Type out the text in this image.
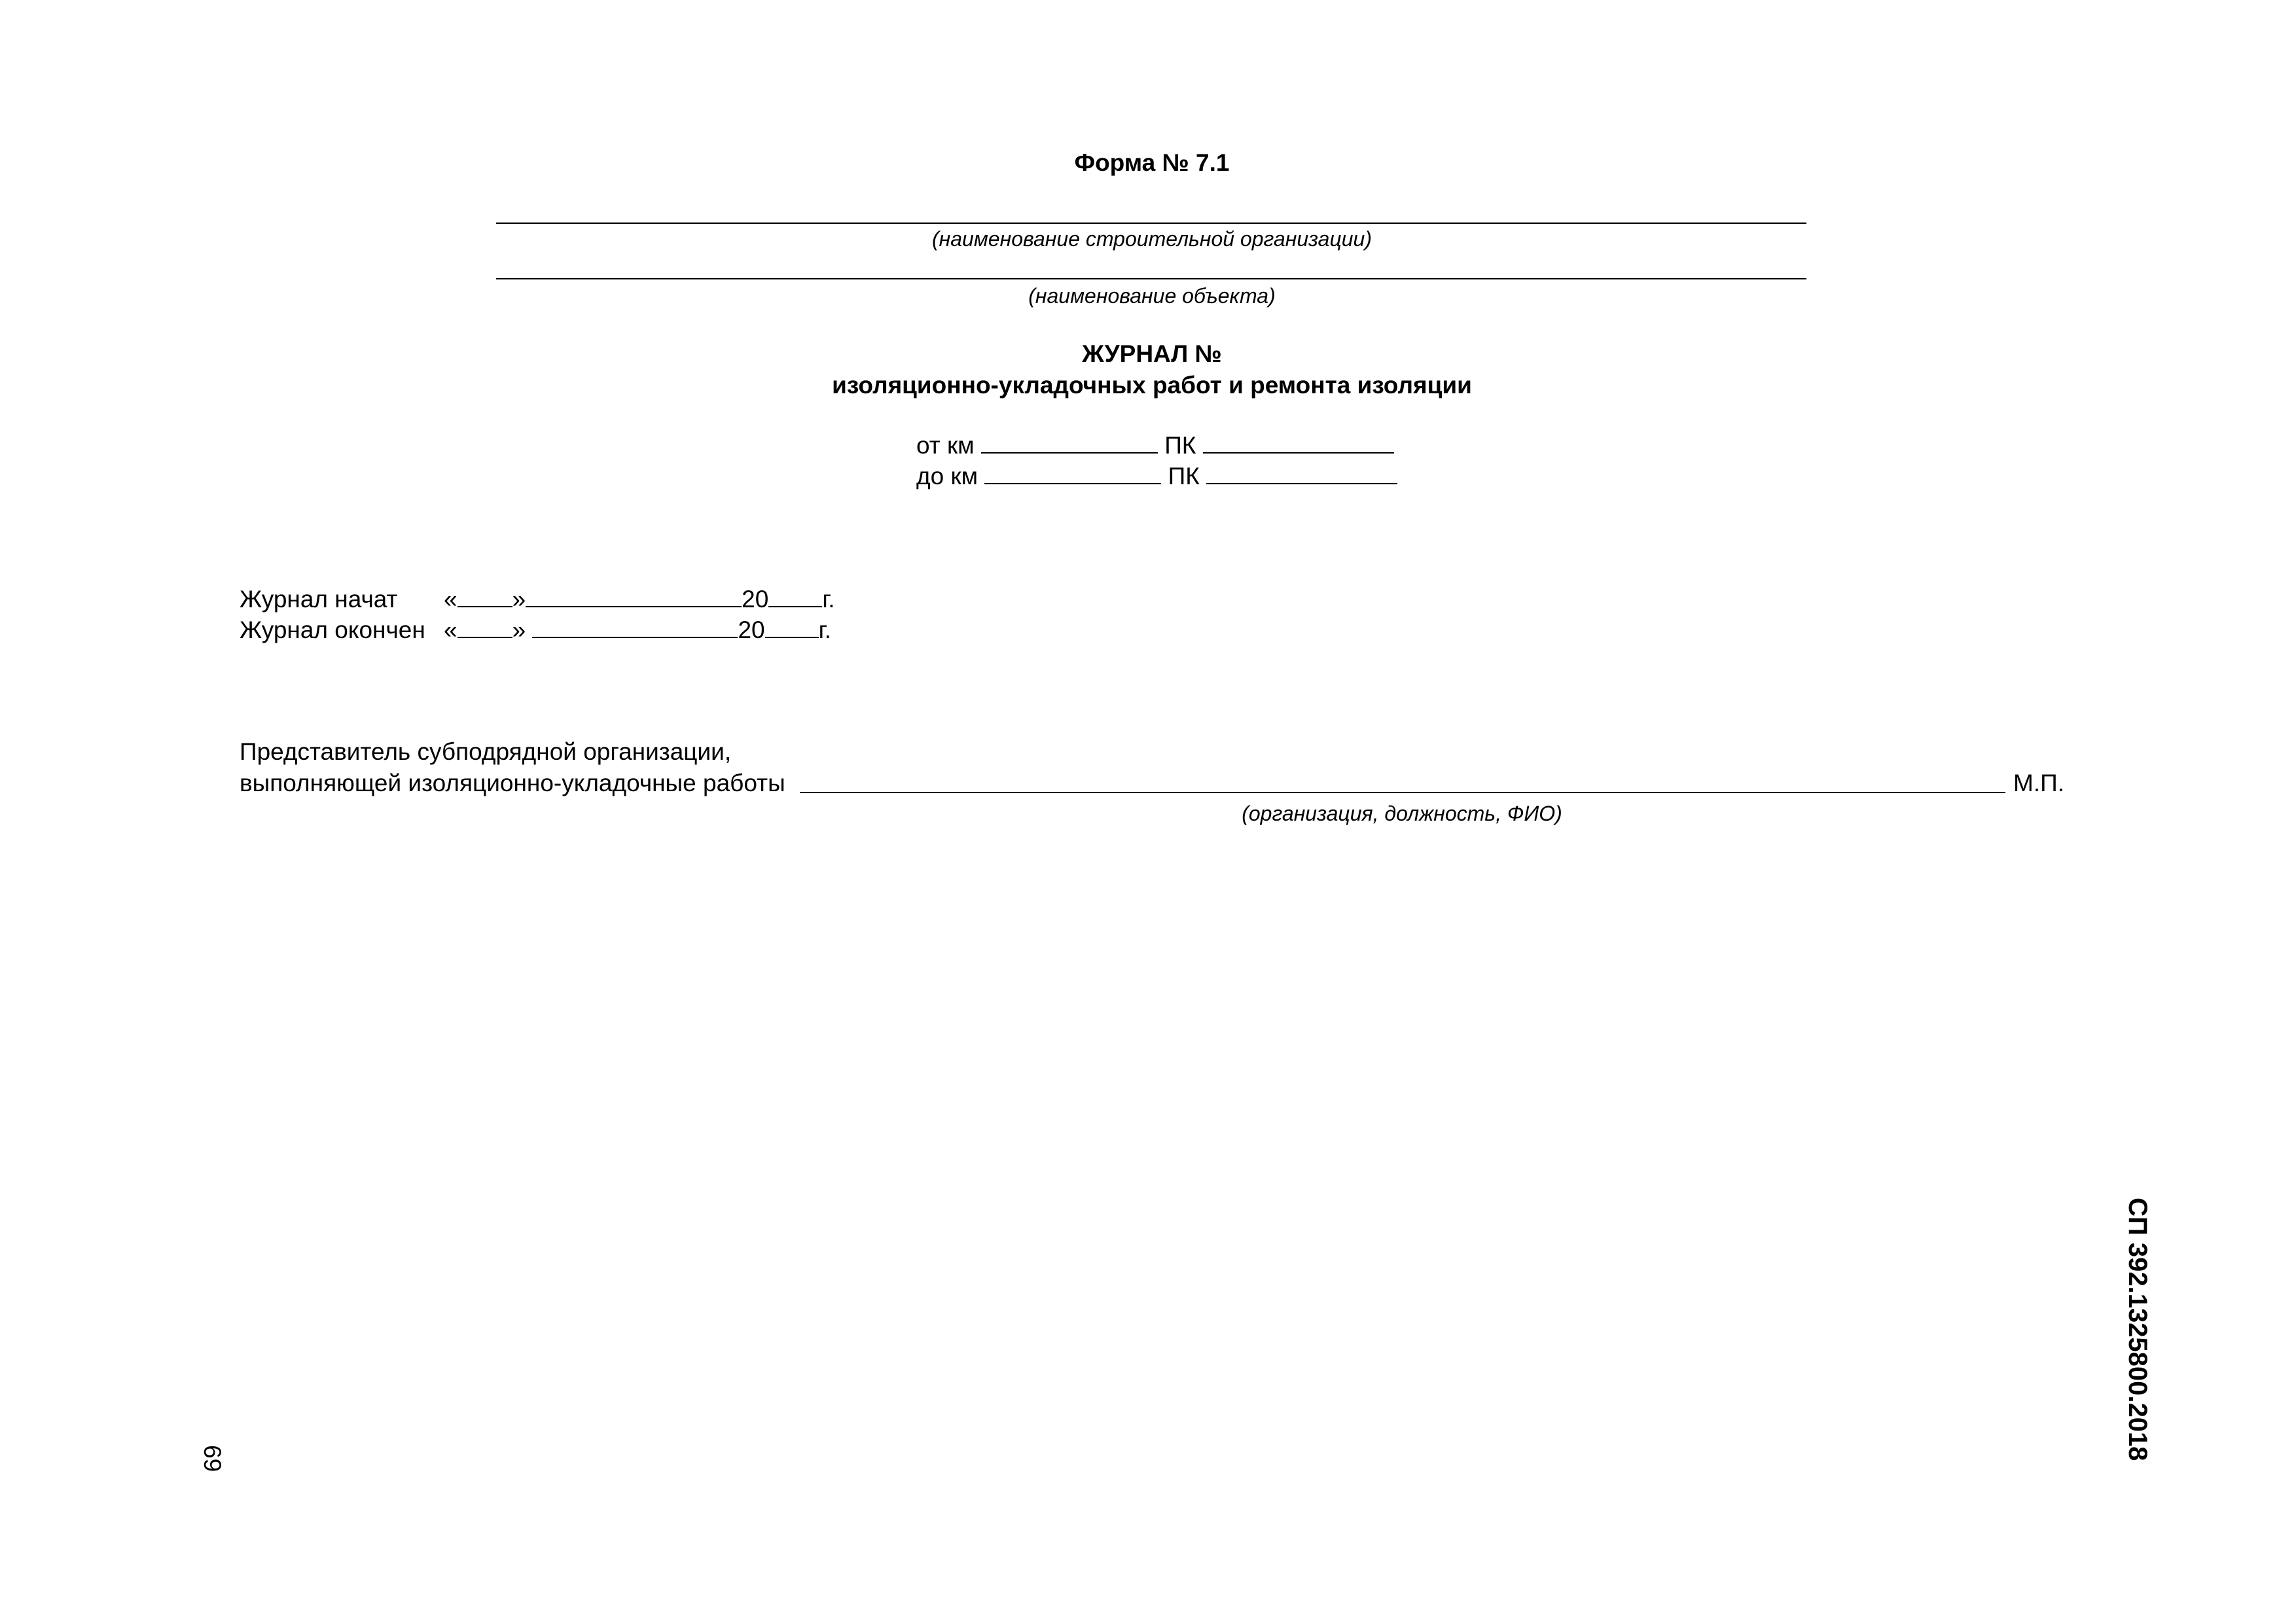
Форма № 7.1
(наименование строительной организации)
(наименование объекта)
ЖУРНАЛ №
изоляционно-укладочных работ и ремонта изоляции
от км	ПК
до км	ПК
Журнал начат « »	20 г.
Журнал окончен « »	20 г.
Представитель субподрядной организации,
выполняющей изоляционно-укладочные работы	М.П.
(организация, должность, ФИО)
69	СП 392.1325800.2018
